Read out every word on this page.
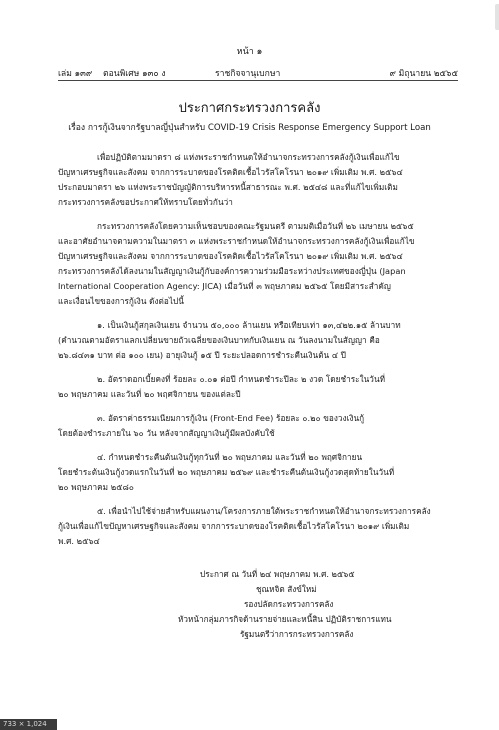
หน้า ๑
เล่ม ๑๓๙ ตอนพิเศษ ๑๓๐ ง	ราชกิจจานุเบกษา	๙ มิถุนายน ๒๕๖๕
ประกาศกระทรวงการคลัง
เรื่อง การกู้เงินจากรัฐบาลญี่ปุ่นสำหรับ COVID-19 Crisis Response Emergency Support Loan
เพื่อปฏิบัติตามมาตรา ๘ แห่งพระราชกำหนดให้อำนาจกระทรวงการคลังกู้เงินเพื่อแก้ไข
ปัญหาเศรษฐกิจและสังคม จากการระบาดของโรคติดเชื้อไวรัสโคโรนา ๒๐๑๙ เพิ่มเติม พ.ศ. ๒๕๖๔
ประกอบมาตรา ๒๖ แห่งพระราชบัญญัติการบริหารหนี้สาธารณะ พ.ศ. ๒๕๔๘ และที่แก้ไขเพิ่มเติม
กระทรวงการคลังขอประกาศให้ทราบโดยทั่วกันว่า
กระทรวงการคลังโดยความเห็นชอบของคณะรัฐมนตรี ตามมติเมื่อวันที่ ๒๖ เมษายน ๒๕๖๕
และอาศัยอำนาจตามความในมาตรา ๓ แห่งพระราชกำหนดให้อำนาจกระทรวงการคลังกู้เงินเพื่อแก้ไข
ปัญหาเศรษฐกิจและสังคม จากการระบาดของโรคติดเชื้อไวรัสโคโรนา ๒๐๑๙ เพิ่มเติม พ.ศ. ๒๕๖๔
กระทรวงการคลังได้ลงนามในสัญญาเงินกู้กับองค์การความร่วมมือระหว่างประเทศของญี่ปุ่น (Japan
International Cooperation Agency: JICA) เมื่อวันที่ ๓ พฤษภาคม ๒๕๖๕ โดยมีสาระสำคัญ
และเงื่อนไขของการกู้เงิน ดังต่อไปนี้
๑. เป็นเงินกู้สกุลเงินเยน จำนวน ๕๐,๐๐๐ ล้านเยน หรือเทียบเท่า ๑๓,๔๒๒.๑๕ ล้านบาท
(คำนวณตามอัตราแลกเปลี่ยนขายถัวเฉลี่ยของเงินบาทกับเงินเยน ณ วันลงนามในสัญญา คือ
๒๖.๘๔๓๑ บาท ต่อ ๑๐๐ เยน) อายุเงินกู้ ๑๕ ปี ระยะปลอดการชำระคืนเงินต้น ๔ ปี
๒. อัตราดอกเบี้ยคงที่ ร้อยละ ๐.๐๑ ต่อปี กำหนดชำระปีละ ๒ งวด โดยชำระในวันที่
๒๐ พฤษภาคม และวันที่ ๒๐ พฤศจิกายน ของแต่ละปี
๓. อัตราค่าธรรมเนียมการกู้เงิน (Front-End Fee) ร้อยละ ๐.๒๐ ของวงเงินกู้
โดยต้องชำระภายใน ๖๐ วัน หลังจากสัญญาเงินกู้มีผลบังคับใช้
๔. กำหนดชำระคืนต้นเงินกู้ทุกวันที่ ๒๐ พฤษภาคม และวันที่ ๒๐ พฤศจิกายน
โดยชำระต้นเงินกู้งวดแรกในวันที่ ๒๐ พฤษภาคม ๒๕๖๙ และชำระคืนต้นเงินกู้งวดสุดท้ายในวันที่
๒๐ พฤษภาคม ๒๕๘๐
๕. เพื่อนำไปใช้จ่ายสำหรับแผนงาน/โครงการภายใต้พระราชกำหนดให้อำนาจกระทรวงการคลัง
กู้เงินเพื่อแก้ไขปัญหาเศรษฐกิจและสังคม จากการระบาดของโรคติดเชื้อไวรัสโคโรนา ๒๐๑๙ เพิ่มเติม
พ.ศ. ๒๕๖๔
ประกาศ ณ วันที่ ๒๔ พฤษภาคม พ.ศ. ๒๕๖๕
ชุณหจิต สังข์ใหม่
รองปลัดกระทรวงการคลัง
หัวหน้ากลุ่มภารกิจด้านรายจ่ายและหนี้สิน ปฏิบัติราชการแทน
รัฐมนตรีว่าการกระทรวงการคลัง
733 × 1,024
